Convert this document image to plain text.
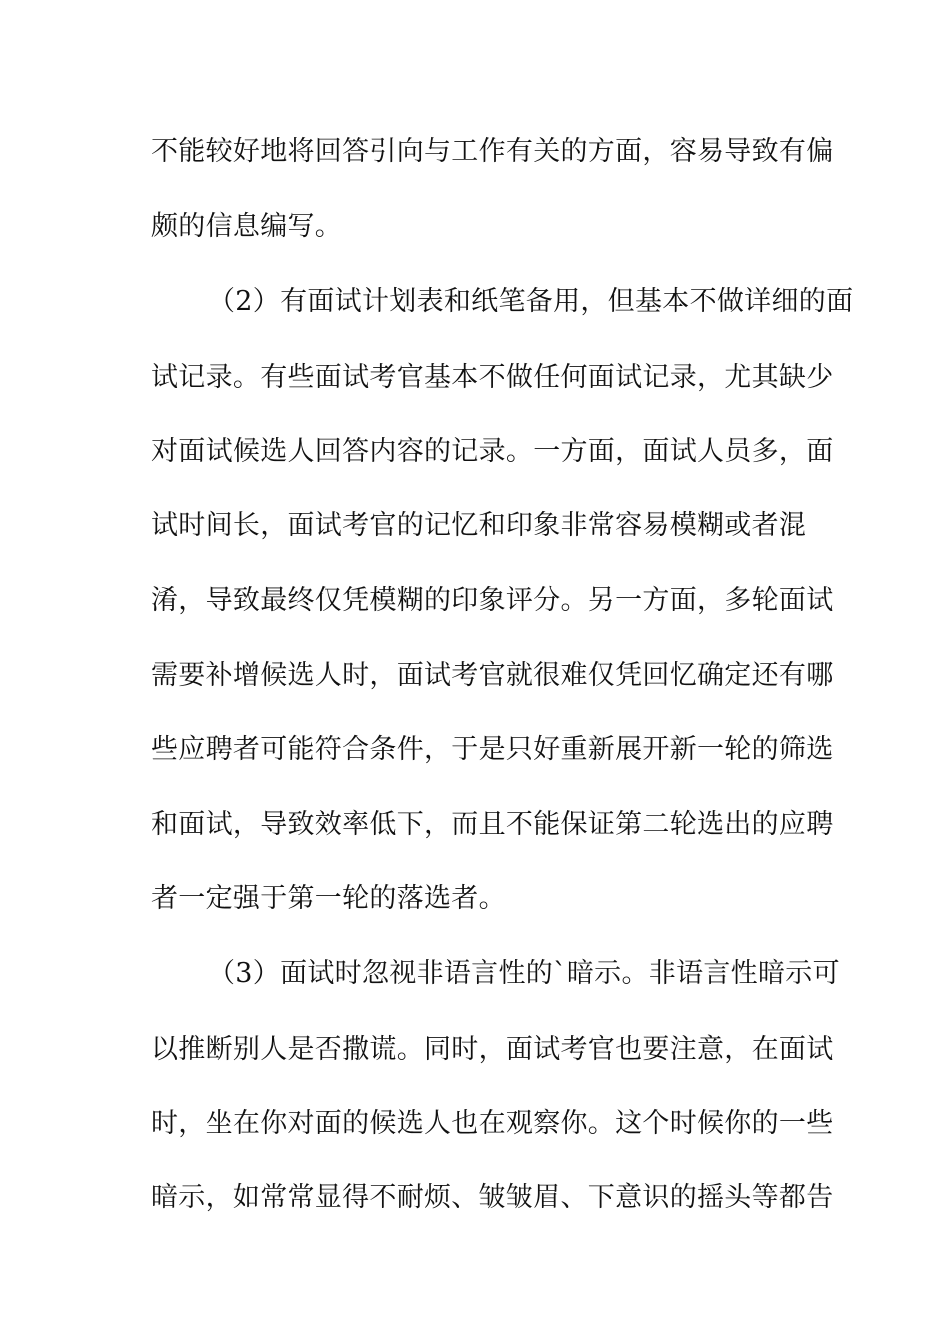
不能较好地将回答引向与工作有关的方面，容易导致有偏
颇的信息编写。
（2）有面试计划表和纸笔备用，但基本不做详细的面
试记录。有些面试考官基本不做任何面试记录，尤其缺少
对面试候选人回答内容的记录。一方面，面试人员多，面
试时间长，面试考官的记忆和印象非常容易模糊或者混
淆，导致最终仅凭模糊的印象评分。另一方面，多轮面试
需要补增候选人时，面试考官就很难仅凭回忆确定还有哪
些应聘者可能符合条件，于是只好重新展开新一轮的筛选
和面试，导致效率低下，而且不能保证第二轮选出的应聘
者一定强于第一轮的落选者。
（3）面试时忽视非语言性的`暗示。非语言性暗示可
以推断别人是否撒谎。同时，面试考官也要注意，在面试
时，坐在你对面的候选人也在观察你。这个时候你的一些
暗示，如常常显得不耐烦、皱皱眉、下意识的摇头等都告
